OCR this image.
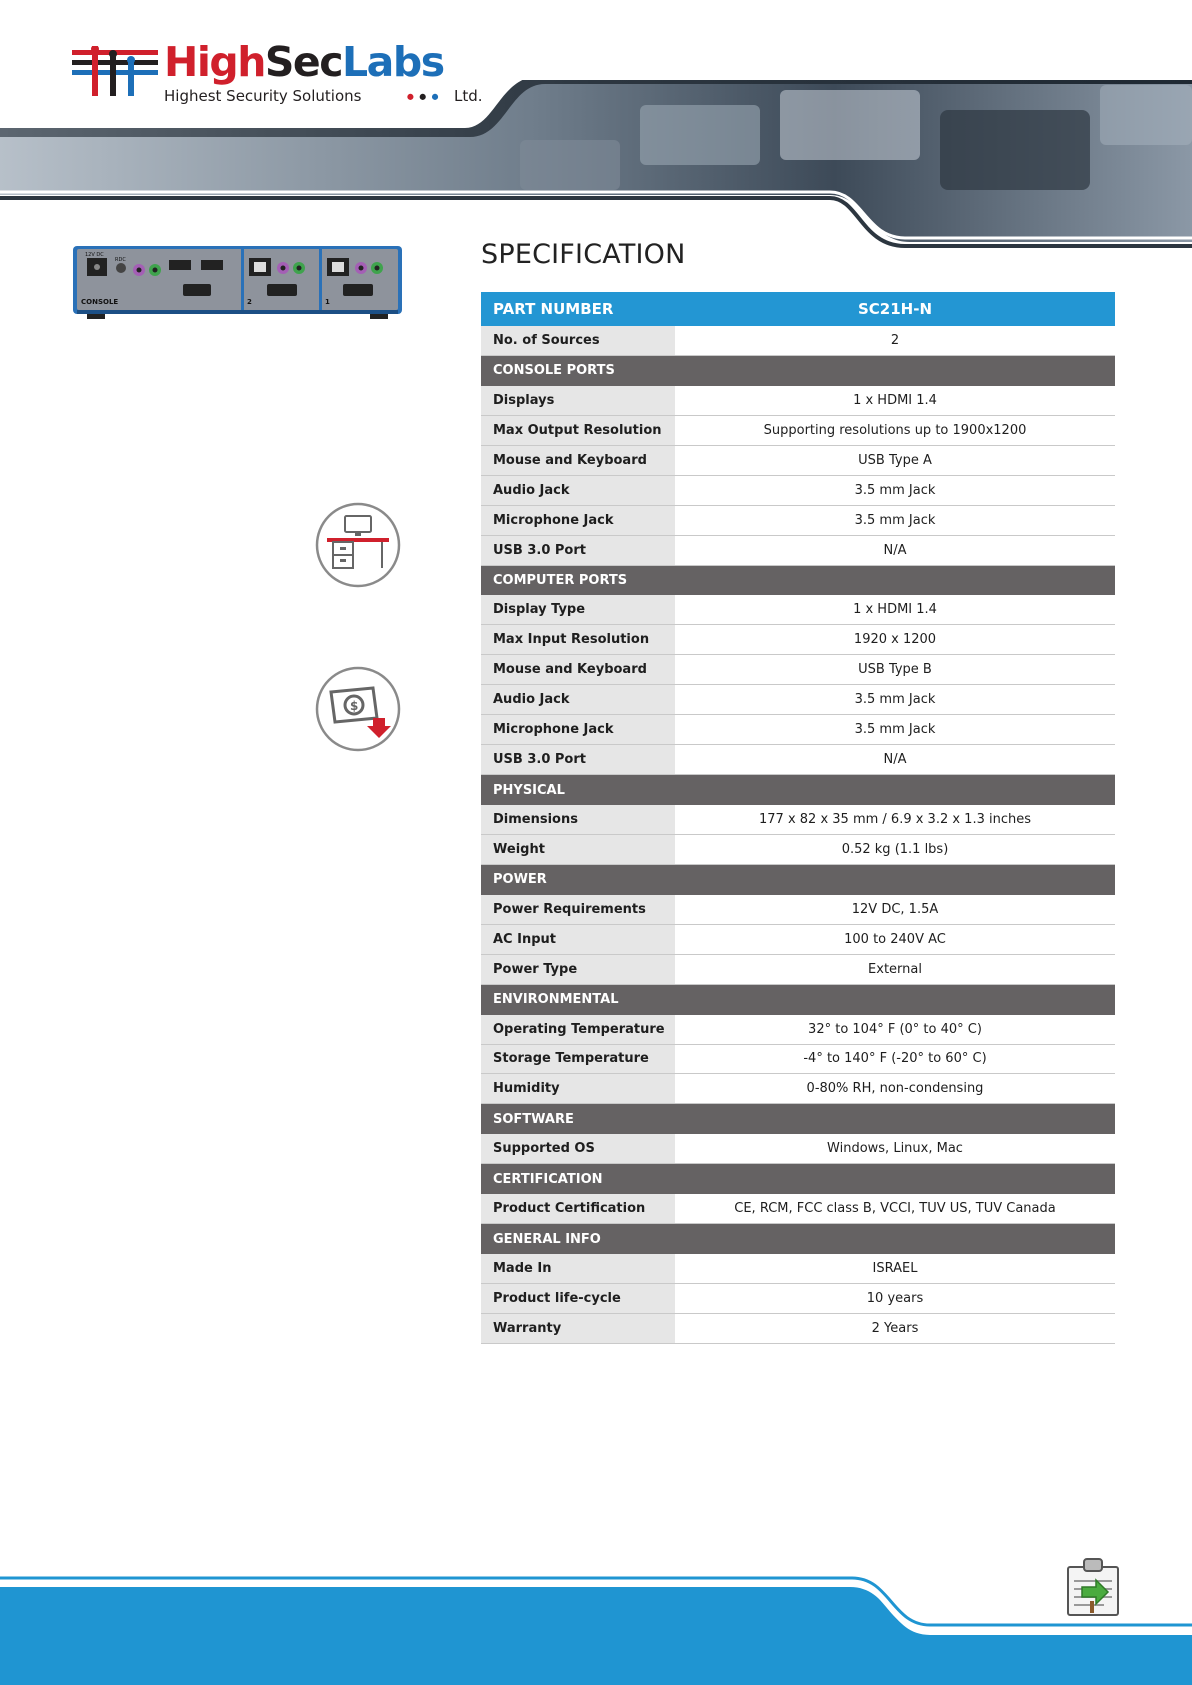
HighSecLabs
Highest Security Solutions	Ltd.
12V DC
RDC
CONSOLE	2	1
$
SPECIFICATION
PART NUMBER	SC21H-N
No. of Sources	2
CONSOLE PORTS
Displays	1 x HDMI 1.4
Max Output Resolution	Supporting resolutions up to 1900x1200
Mouse and Keyboard	USB Type A
Audio Jack	3.5 mm Jack
Microphone Jack	3.5 mm Jack
USB 3.0 Port	N/A
COMPUTER PORTS
Display Type	1 x HDMI 1.4
Max Input Resolution	1920 x 1200
Mouse and Keyboard	USB Type B
Audio Jack	3.5 mm Jack
Microphone Jack	3.5 mm Jack
USB 3.0 Port	N/A
PHYSICAL
Dimensions	177 x 82 x 35 mm / 6.9 x 3.2 x 1.3 inches
Weight	0.52 kg (1.1 lbs)
POWER
Power Requirements	12V DC, 1.5A
AC Input	100 to 240V AC
Power Type	External
ENVIRONMENTAL
Operating Temperature	32° to 104° F (0° to 40° C)
Storage Temperature	-4° to 140° F (-20° to 60° C)
Humidity	0-80% RH, non-condensing
SOFTWARE
Supported OS	Windows, Linux, Mac
CERTIFICATION
Product Certification	CE, RCM, FCC class B, VCCI, TUV US, TUV Canada
GENERAL INFO
Made In	ISRAEL
Product life-cycle	10 years
Warranty	2 Years
